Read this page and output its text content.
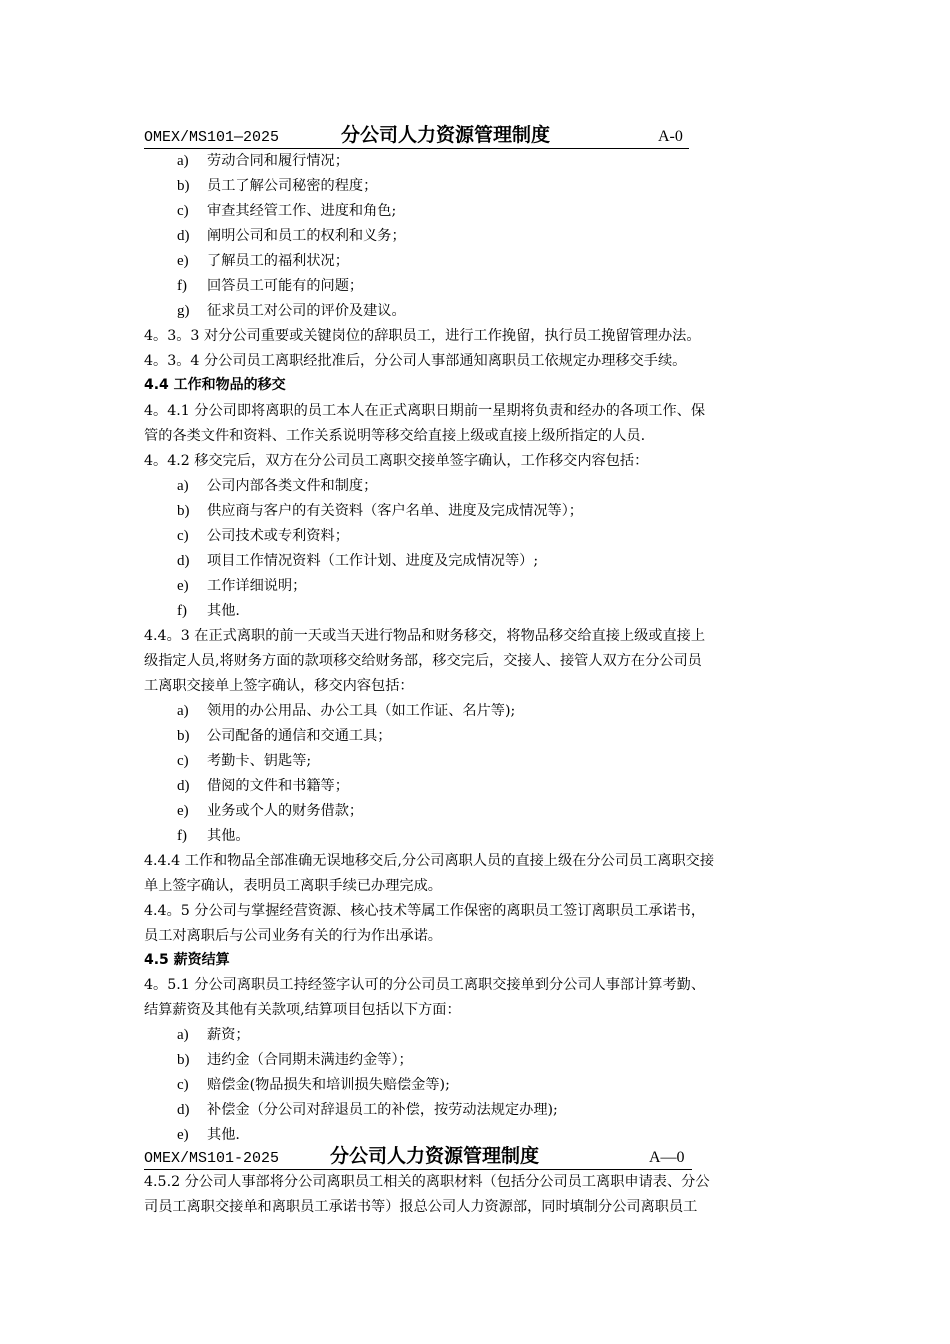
OMEX/MS101—2025	分公司人力资源管理制度	A-0
a) 劳动合同和履行情况；
b) 员工了解公司秘密的程度；
c) 审查其经管工作、进度和角色;
d) 阐明公司和员工的权利和义务；
e) 了解员工的福利状况；
f) 回答员工可能有的问题；
g) 征求员工对公司的评价及建议。
4。3。3 对分公司重要或关键岗位的辞职员工，进行工作挽留，执行员工挽留管理办法。
4。3。4 分公司员工离职经批准后，分公司人事部通知离职员工依规定办理移交手续。
4.4 工作和物品的移交
4。4.1 分公司即将离职的员工本人在正式离职日期前一星期将负责和经办的各项工作、保
管的各类文件和资料、工作关系说明等移交给直接上级或直接上级所指定的人员.
4。4.2 移交完后，双方在分公司员工离职交接单签字确认，工作移交内容包括：
a) 公司内部各类文件和制度；
b) 供应商与客户的有关资料（客户名单、进度及完成情况等）；
c) 公司技术或专利资料；
d) 项目工作情况资料（工作计划、进度及完成情况等）;
e) 工作详细说明；
f) 其他.
4.4。3 在正式离职的前一天或当天进行物品和财务移交，将物品移交给直接上级或直接上
级指定人员,将财务方面的款项移交给财务部，移交完后，交接人、接管人双方在分公司员
工离职交接单上签字确认，移交内容包括：
a) 领用的办公用品、办公工具（如工作证、名片等);
b) 公司配备的通信和交通工具；
c) 考勤卡、钥匙等;
d) 借阅的文件和书籍等；
e) 业务或个人的财务借款；
f) 其他。
4.4.4 工作和物品全部准确无误地移交后,分公司离职人员的直接上级在分公司员工离职交接
单上签字确认，表明员工离职手续已办理完成。
4.4。5 分公司与掌握经营资源、核心技术等属工作保密的离职员工签订离职员工承诺书，
员工对离职后与公司业务有关的行为作出承诺。
4.5 薪资结算
4。5.1 分公司离职员工持经签字认可的分公司员工离职交接单到分公司人事部计算考勤、
结算薪资及其他有关款项,结算项目包括以下方面：
a) 薪资；
b) 违约金（合同期未满违约金等）；
c) 赔偿金(物品损失和培训损失赔偿金等);
d) 补偿金（分公司对辞退员工的补偿，按劳动法规定办理);
e) 其他.
OMEX/MS101-2025	分公司人力资源管理制度	A—0
4.5.2 分公司人事部将分公司离职员工相关的离职材料（包括分公司员工离职申请表、分公
司员工离职交接单和离职员工承诺书等）报总公司人力资源部，同时填制分公司离职员工
